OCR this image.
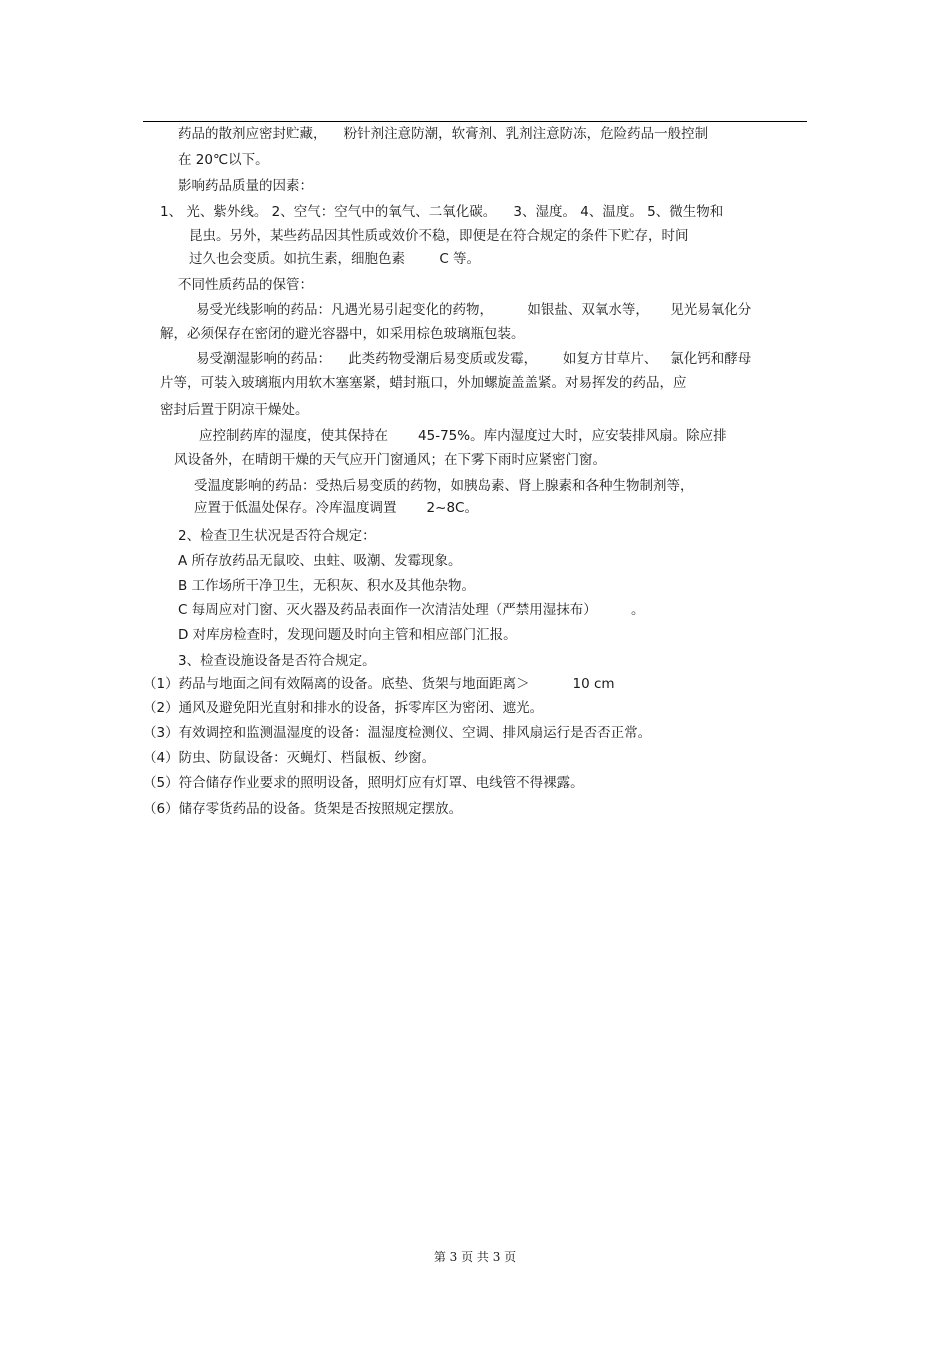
药品的散剂应密封贮藏，    粉针剂注意防潮，软膏剂、乳剂注意防冻，危险药品一般控制
在 20℃以下。
影响药品质量的因素：
1、 光、紫外线。 2、空气：空气中的氧气、二氧化碳。    3、湿度。 4、温度。 5、微生物和
昆虫。另外，某些药品因其性质或效价不稳，即便是在符合规定的条件下贮存，时间
过久也会变质。如抗生素，细胞色素        C 等。
不同性质药品的保管：
易受光线影响的药品：凡遇光易引起变化的药物，        如银盐、双氧水等，     见光易氧化分
解，必须保存在密闭的避光容器中，如采用棕色玻璃瓶包装。
易受潮湿影响的药品：    此类药物受潮后易变质或发霉，      如复方甘草片、   氯化钙和酵母
片等，可装入玻璃瓶内用软木塞塞紧，蜡封瓶口，外加螺旋盖盖紧。对易挥发的药品，应
密封后置于阴凉干燥处。
应控制药库的湿度，使其保持在       45-75%。库内湿度过大时，应安装排风扇。除应排
风设备外，在晴朗干燥的天气应开门窗通风；在下雾下雨时应紧密门窗。
受温度影响的药品：受热后易变质的药物，如胰岛素、肾上腺素和各种生物制剂等，
应置于低温处保存。冷库温度调置       2~8C。
2、检查卫生状况是否符合规定：
A 所存放药品无鼠咬、虫蛀、吸潮、发霉现象。
B 工作场所干净卫生，无积灰、积水及其他杂物。
C 每周应对门窗、灭火器及药品表面作一次清洁处理（严禁用湿抹布）        。
D 对库房检查时，发现问题及时向主管和相应部门汇报。
3、检查设施设备是否符合规定。
（1）药品与地面之间有效隔离的设备。底垫、货架与地面距离＞          10 cm
（2）通风及避免阳光直射和排水的设备，拆零库区为密闭、遮光。
（3）有效调控和监测温湿度的设备：温湿度检测仪、空调、排风扇运行是否否正常。
（4）防虫、防鼠设备：灭蝇灯、档鼠板、纱窗。
（5）符合储存作业要求的照明设备，照明灯应有灯罩、电线管不得裸露。
（6）储存零货药品的设备。货架是否按照规定摆放。
第 3 页 共 3 页
